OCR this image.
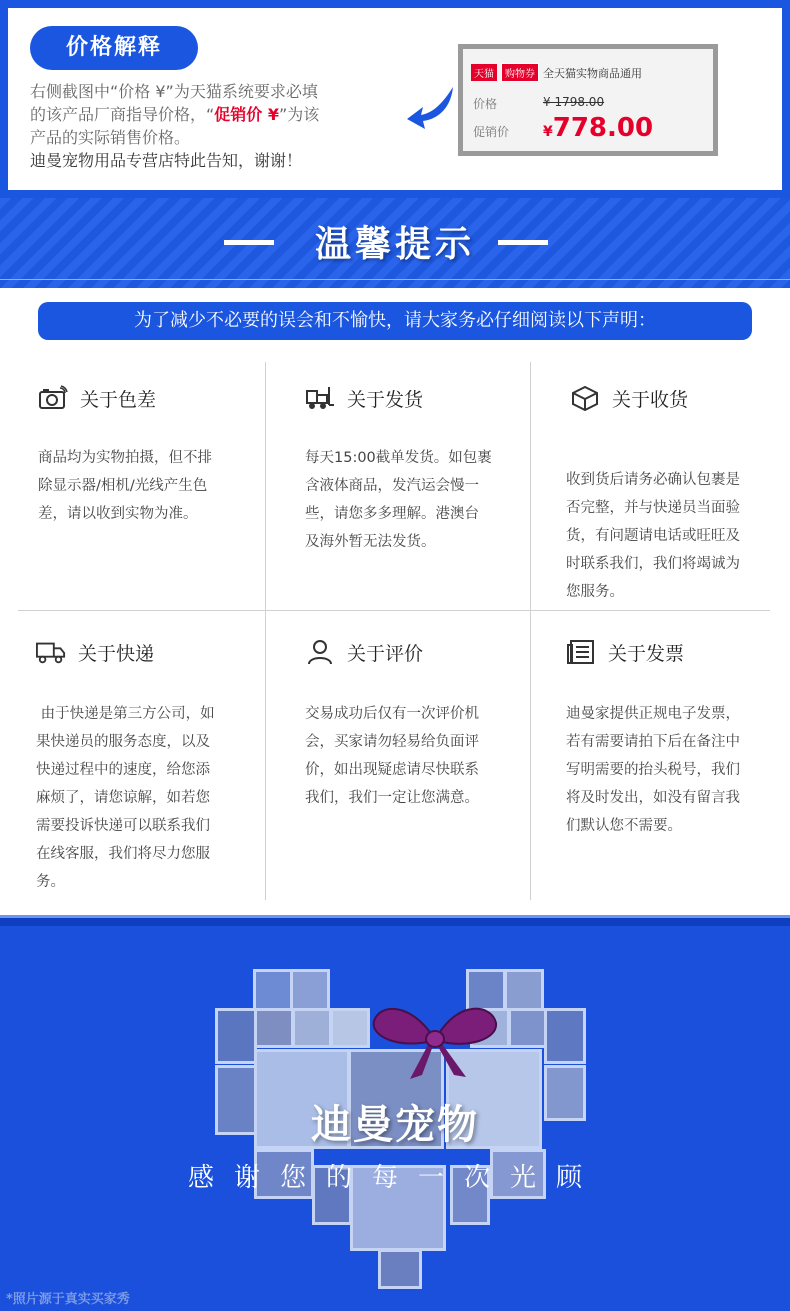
价格解释
右侧截图中“价格 ¥”为天猫系统要求必填
的该产品厂商指导价格，“促销价 ¥”为该
产品的实际销售价格。
迪曼宠物用品专营店特此告知，谢谢！
天猫	购物券 全天猫实物商品通用
价格	¥ 1798.00
促销价 ¥778.00
温馨提示
为了减少不必要的误会和不愉快，请大家务必仔细阅读以下声明：
关于色差
商品均为实物拍摄，但不排
除显示器/相机/光线产生色
差，请以收到实物为准。
关于发货
每天15:00截单发货。如包裹
含液体商品，发汽运会慢一
些，请您多多理解。港澳台
及海外暂无法发货。
关于收货
收到货后请务必确认包裹是
否完整，并与快递员当面验
货，有问题请电话或旺旺及
时联系我们，我们将竭诚为
您服务。
关于快递
由于快递是第三方公司，如
果快递员的服务态度，以及
快递过程中的速度，给您添
麻烦了，请您谅解，如若您
需要投诉快递可以联系我们
在线客服，我们将尽力您服
务。
关于评价
交易成功后仅有一次评价机
会，买家请勿轻易给负面评
价，如出现疑虑请尽快联系
我们，我们一定让您满意。
关于发票
迪曼家提供正规电子发票，
若有需要请拍下后在备注中
写明需要的抬头税号，我们
将及时发出，如没有留言我
们默认您不需要。
迪曼宠物
感谢您的每一次光顾
*照片源于真实买家秀
